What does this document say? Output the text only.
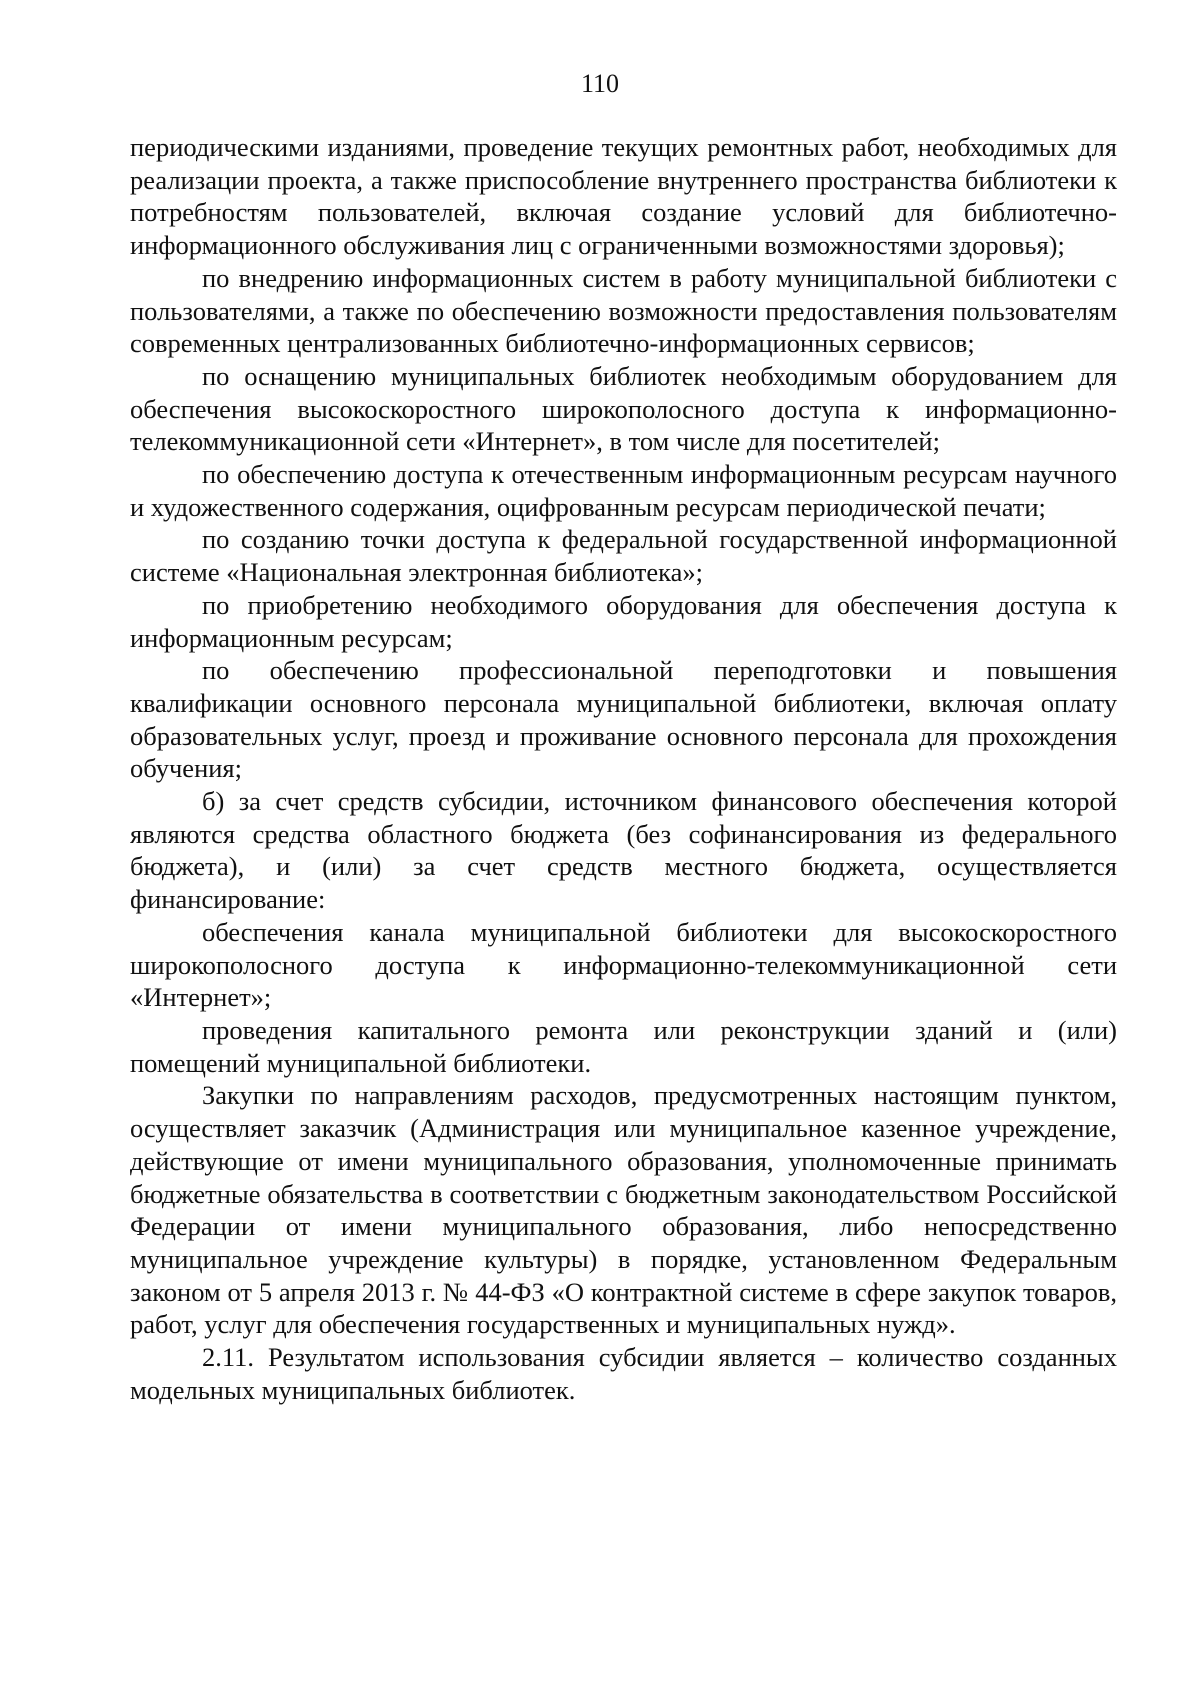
110

периодическими изданиями, проведение текущих ремонтных работ, необходимых для реализации проекта, а также приспособление внутреннего пространства библиотеки к потребностям пользователей, включая создание условий для библиотечно-информационного обслуживания лиц с ограниченными возможностями здоровья);

по внедрению информационных систем в работу муниципальной библиотеки с пользователями, а также по обеспечению возможности предоставления пользователям современных централизованных библиотечно-информационных сервисов;

по оснащению муниципальных библиотек необходимым оборудованием для обеспечения высокоскоростного широкополосного доступа к информационно-телекоммуникационной сети «Интернет», в том числе для посетителей;

по обеспечению доступа к отечественным информационным ресурсам научного и художественного содержания, оцифрованным ресурсам периодической печати;

по созданию точки доступа к федеральной государственной информационной системе «Национальная электронная библиотека»;

по приобретению необходимого оборудования для обеспечения доступа к информационным ресурсам;

по обеспечению профессиональной переподготовки и повышения квалификации основного персонала муниципальной библиотеки, включая оплату образовательных услуг, проезд и проживание основного персонала для прохождения обучения;

б) за счет средств субсидии, источником финансового обеспечения которой являются средства областного бюджета (без софинансирования из федерального бюджета), и (или) за счет средств местного бюджета, осуществляется финансирование:

обеспечения канала муниципальной библиотеки для высокоскоростного широкополосного доступа к информационно-телекоммуникационной сети «Интернет»;

проведения капитального ремонта или реконструкции зданий и (или) помещений муниципальной библиотеки.

Закупки по направлениям расходов, предусмотренных настоящим пунктом, осуществляет заказчик (Администрация или муниципальное казенное учреждение, действующие от имени муниципального образования, уполномоченные принимать бюджетные обязательства в соответствии с бюджетным законодательством Российской Федерации от имени муниципального образования, либо непосредственно муниципальное учреждение культуры) в порядке, установленном Федеральным законом от 5 апреля 2013 г. № 44-ФЗ «О контрактной системе в сфере закупок товаров, работ, услуг для обеспечения государственных и муниципальных нужд».

2.11. Результатом использования субсидии является – количество созданных модельных муниципальных библиотек.
